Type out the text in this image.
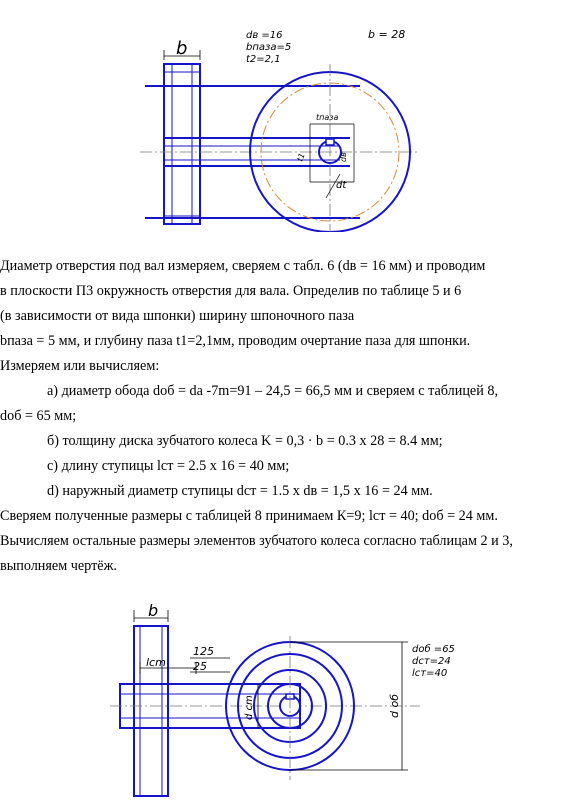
b
b = 28
dв =16
bпаза=5
t2=2,1
tпаза
dв
t1
dt

Диаметр отверстия под вал измеряем, сверяем с табл. 6 (dв = 16 мм) и проводим

в плоскости П3 окружность отверстия для вала. Определив по таблице 5 и 6

(в зависимости от вида шпонки) ширину шпоночного паза

bпаза = 5 мм, и глубину паза t1=2,1мм, проводим очертание паза для шпонки.

Измеряем или вычисляем:

а) диаметр обода dоб = dа -7m=91 – 24,5 = 66,5 мм и сверяем с таблицей 8,

dоб = 65 мм;

б) толщину диска зубчатого колеса K = 0,3 · b = 0.3 x 28 = 8.4 мм;

с) длину ступицы lст = 2.5 x 16 = 40 мм;

d) наружный диаметр ступицы dст = 1.5 x dв = 1,5 x 16 = 24 мм.

Сверяем полученные размеры с таблицей 8 принимаем К=9; lст = 40; dоб = 24 мм.

Вычисляем остальные размеры элементов зубчатого колеса согласно таблицам 2 и 3,

выполняем чертёж.

b
lcm
125
25
d cm	d об
dоб =65
dст=24
lст=40
